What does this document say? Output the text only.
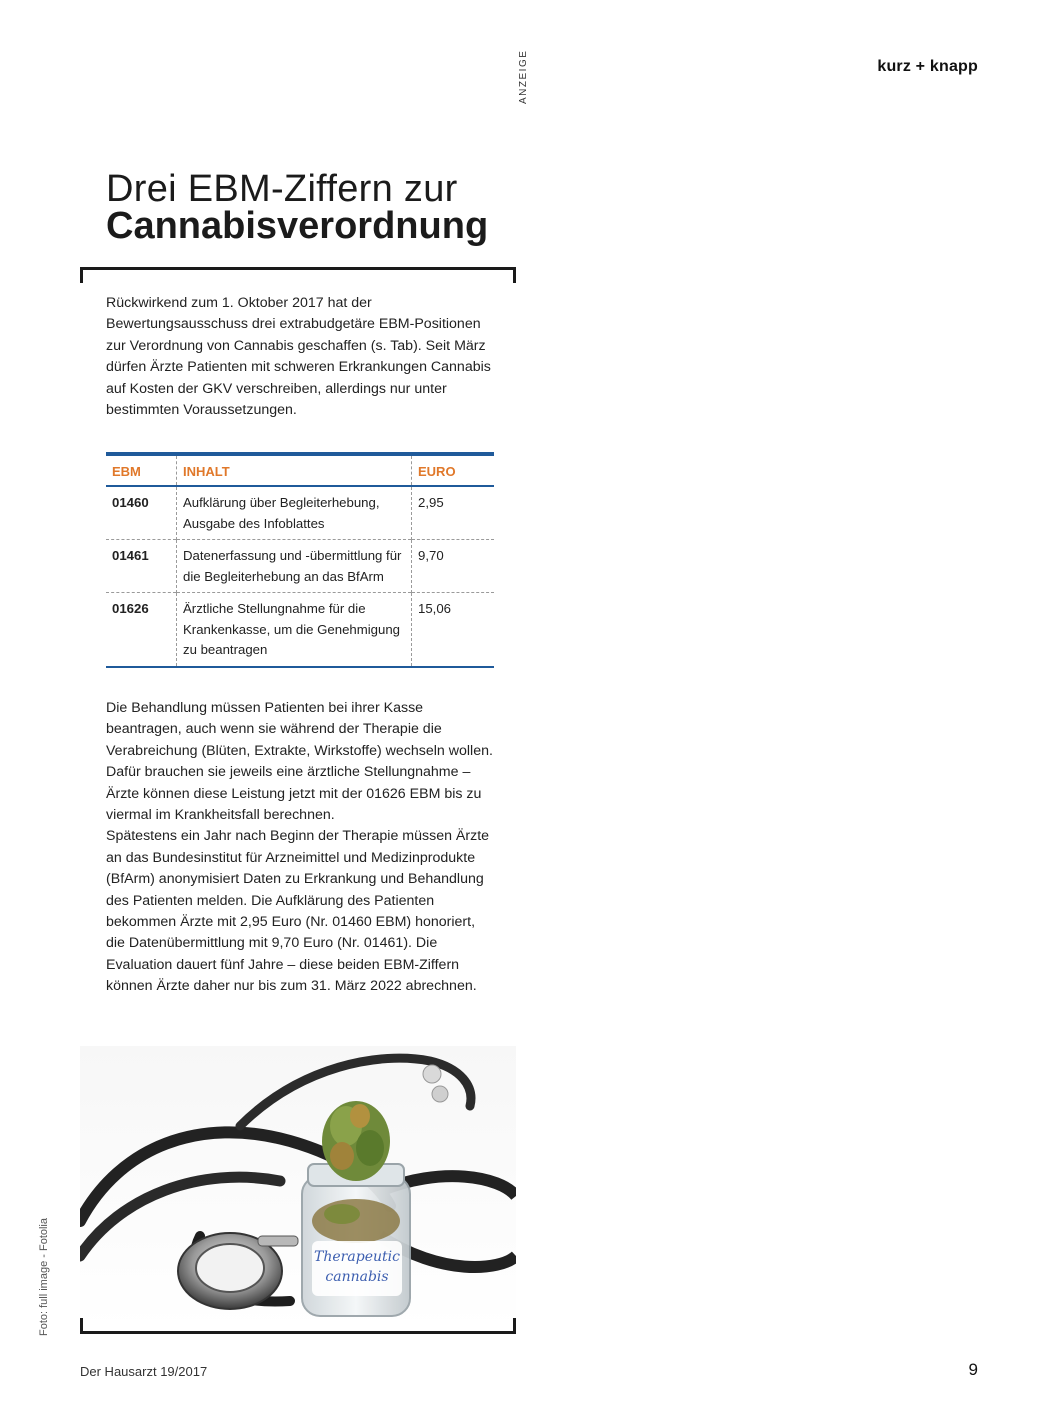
ANZEIGE	kurz + knapp
Drei EBM-Ziffern zur
Cannabisverordnung

Rückwirkend zum 1. Oktober 2017 hat der Bewertungsausschuss drei extrabudgetäre EBM-Positionen zur Verordnung von Cannabis geschaffen (s. Tab). Seit März dürfen Ärzte Patienten mit schweren Erkrankungen Cannabis auf Kosten der GKV verschreiben, allerdings nur unter bestimmten Voraussetzungen.

EBM	INHALT	EURO
01460	Aufklärung über Begleiterhebung, Ausgabe des Infoblattes	2,95
01461	Datenerfassung und -übermittlung für die Begleiterhebung an das BfArm	9,70
01626	Ärztliche Stellungnahme für die Krankenkasse, um die Genehmigung zu beantragen	15,06

Die Behandlung müssen Patienten bei ihrer Kasse beantragen, auch wenn sie während der Therapie die Verabreichung (Blüten, Extrakte, Wirkstoffe) wechseln wollen. Dafür brauchen sie jeweils eine ärztliche Stellungnahme – Ärzte können diese Leistung jetzt mit der 01626 EBM bis zu viermal im Krankheitsfall berechnen.

Spätestens ein Jahr nach Beginn der Therapie müssen Ärzte an das Bundesinstitut für Arzneimittel und Medizinprodukte (BfArm) anonymisiert Daten zu Erkrankung und Behandlung des Patienten melden. Die Aufklärung des Patienten bekommen Ärzte mit 2,95 Euro (Nr. 01460 EBM) honoriert, die Datenübermittlung mit 9,70 Euro (Nr. 01461). Die Evaluation dauert fünf Jahre – diese beiden EBM-Ziffern können Ärzte daher nur bis zum 31. März 2022 abrechnen.

Therapeutic
cannabis
Foto: full image - Fotolia
Der Hausarzt 19/2017	9
